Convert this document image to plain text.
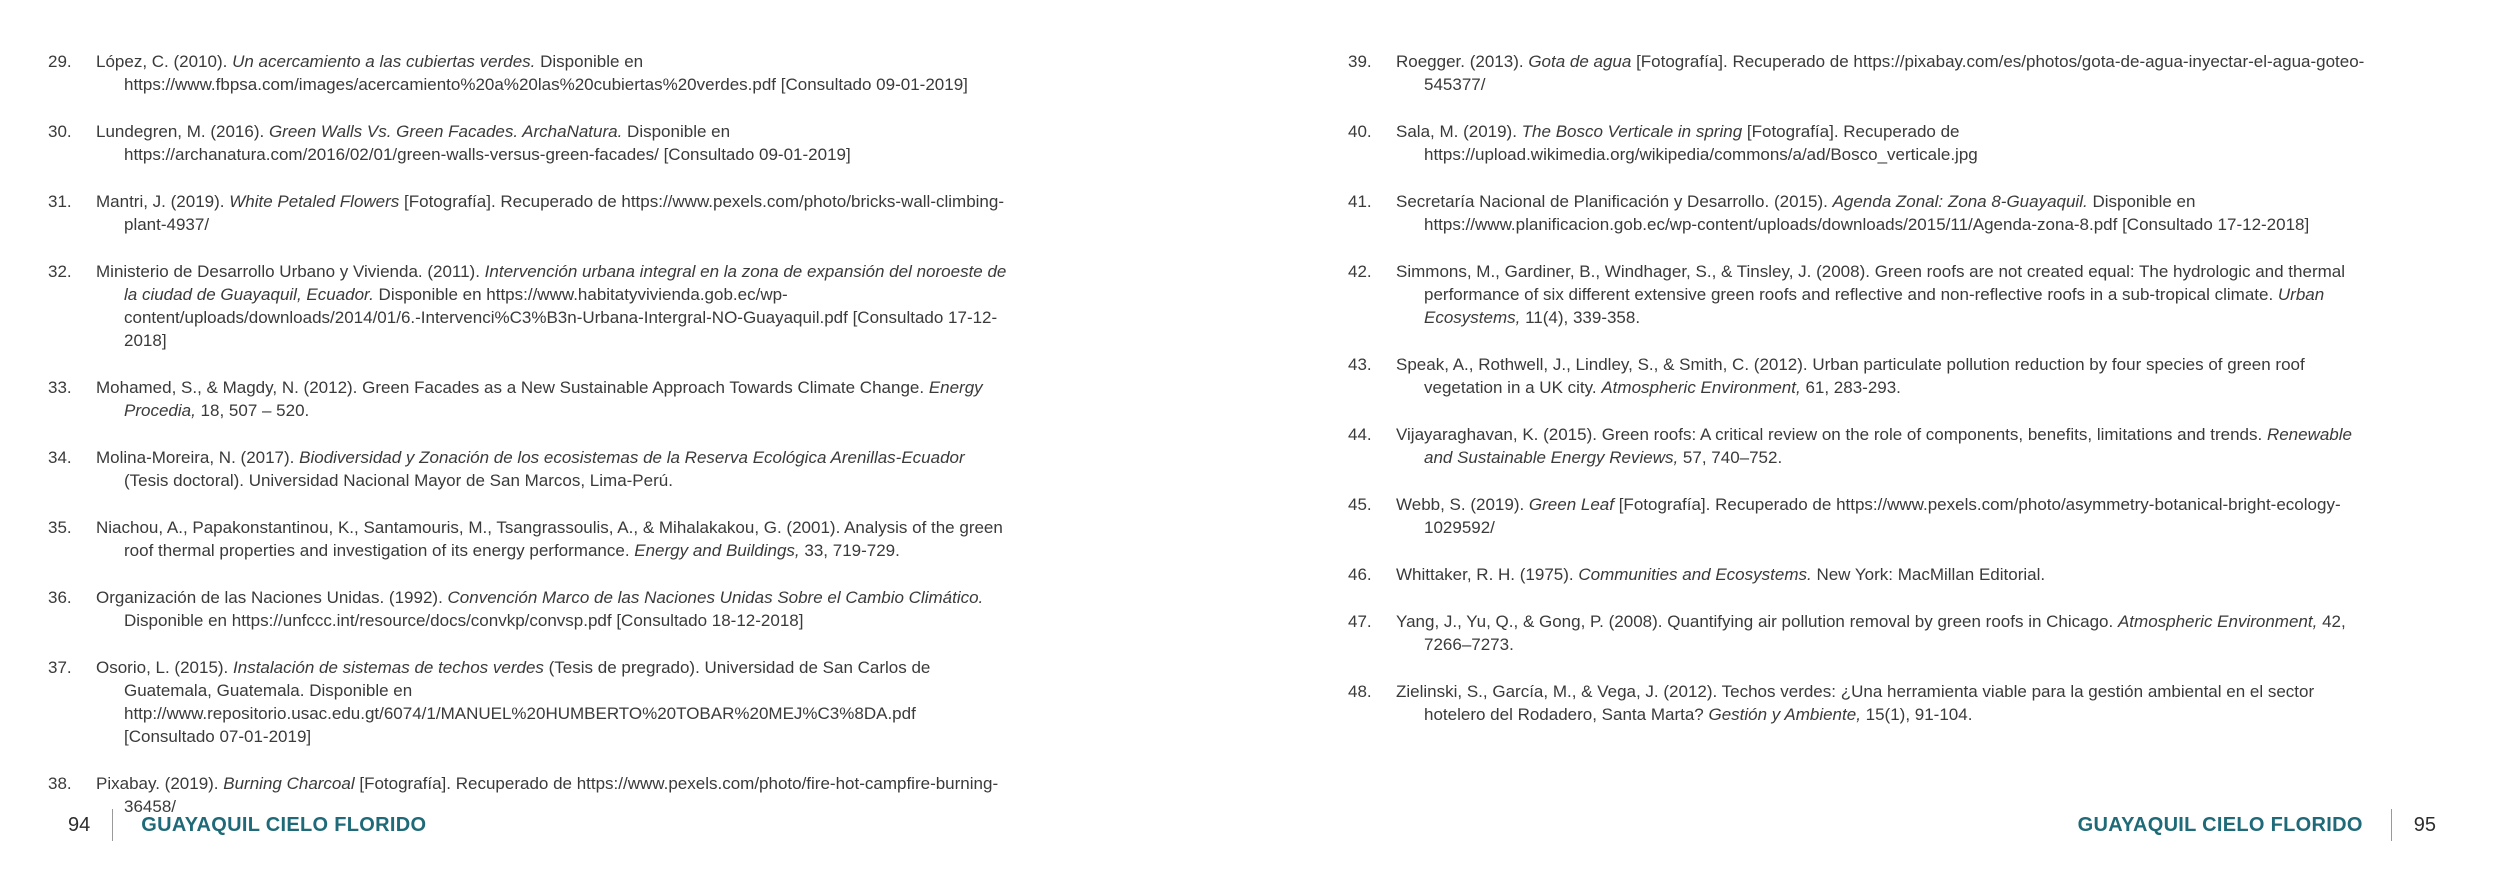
29.	López, C. (2010). Un acercamiento a las cubiertas verdes. Disponible en https://www.fbpsa.com/images/acercamiento%20a%20las%20cubiertas%20verdes.pdf [Consultado 09-01-2019]
30.	Lundegren, M. (2016). Green Walls Vs. Green Facades. ArchaNatura. Disponible en https://archanatura.com/2016/02/01/green-walls-versus-green-facades/ [Consultado 09-01-2019]
31.	Mantri, J. (2019). White Petaled Flowers [Fotografía]. Recuperado de https://www.pexels.com/photo/bricks-wall-climbing-plant-4937/
32.	Ministerio de Desarrollo Urbano y Vivienda. (2011). Intervención urbana integral en la zona de expansión del noroeste de la ciudad de Guayaquil, Ecuador. Disponible en https://www.habitatyvivienda.gob.ec/wp-content/uploads/downloads/2014/01/6.-Intervenci%C3%B3n-Urbana-Intergral-NO-Guayaquil.pdf [Consultado 17-12-2018]
33.	Mohamed, S., & Magdy, N. (2012). Green Facades as a New Sustainable Approach Towards Climate Change. Energy Procedia, 18, 507 – 520.
34.	Molina-Moreira, N. (2017). Biodiversidad y Zonación de los ecosistemas de la Reserva Ecológica Arenillas-Ecuador (Tesis doctoral). Universidad Nacional Mayor de San Marcos, Lima-Perú.
35.	Niachou, A., Papakonstantinou, K., Santamouris, M., Tsangrassoulis, A., & Mihalakakou, G. (2001). Analysis of the green roof thermal properties and investigation of its energy performance. Energy and Buildings, 33, 719-729.
36.	Organización de las Naciones Unidas. (1992). Convención Marco de las Naciones Unidas Sobre el Cambio Climático. Disponible en https://unfccc.int/resource/docs/convkp/convsp.pdf [Consultado 18-12-2018]
37.	Osorio, L. (2015). Instalación de sistemas de techos verdes (Tesis de pregrado). Universidad de San Carlos de Guatemala, Guatemala. Disponible en http://www.repositorio.usac.edu.gt/6074/1/MANUEL%20HUMBERTO%20TOBAR%20MEJ%C3%8DA.pdf [Consultado 07-01-2019]
38.	Pixabay. (2019). Burning Charcoal [Fotografía]. Recuperado de https://www.pexels.com/photo/fire-hot-campfire-burning-36458/
39.	Roegger. (2013). Gota de agua [Fotografía]. Recuperado de https://pixabay.com/es/photos/gota-de-agua-inyectar-el-agua-goteo-545377/
40.	Sala, M. (2019). The Bosco Verticale in spring [Fotografía]. Recuperado de https://upload.wikimedia.org/wikipedia/commons/a/ad/Bosco_verticale.jpg
41.	Secretaría Nacional de Planificación y Desarrollo. (2015). Agenda Zonal: Zona 8-Guayaquil. Disponible en https://www.planificacion.gob.ec/wp-content/uploads/downloads/2015/11/Agenda-zona-8.pdf [Consultado 17-12-2018]
42.	Simmons, M., Gardiner, B., Windhager, S., & Tinsley, J. (2008). Green roofs are not created equal: The hydrologic and thermal performance of six different extensive green roofs and reflective and non-reflective roofs in a sub-tropical climate. Urban Ecosystems, 11(4), 339-358.
43.	Speak, A., Rothwell, J., Lindley, S., & Smith, C. (2012). Urban particulate pollution reduction by four species of green roof vegetation in a UK city. Atmospheric Environment, 61, 283-293.
44.	Vijayaraghavan, K. (2015). Green roofs: A critical review on the role of components, benefits, limitations and trends. Renewable and Sustainable Energy Reviews, 57, 740–752.
45.	Webb, S. (2019). Green Leaf [Fotografía]. Recuperado de https://www.pexels.com/photo/asymmetry-botanical-bright-ecology-1029592/
46.	Whittaker, R. H. (1975). Communities and Ecosystems. New York: MacMillan Editorial.
47.	Yang, J., Yu, Q., & Gong, P. (2008). Quantifying air pollution removal by green roofs in Chicago. Atmospheric Environment, 42, 7266–7273.
48.	Zielinski, S., García, M., & Vega, J. (2012). Techos verdes: ¿Una herramienta viable para la gestión ambiental en el sector hotelero del Rodadero, Santa Marta? Gestión y Ambiente, 15(1), 91-104.
94	GUAYAQUIL CIELO FLORIDO	GUAYAQUIL CIELO FLORIDO	95
